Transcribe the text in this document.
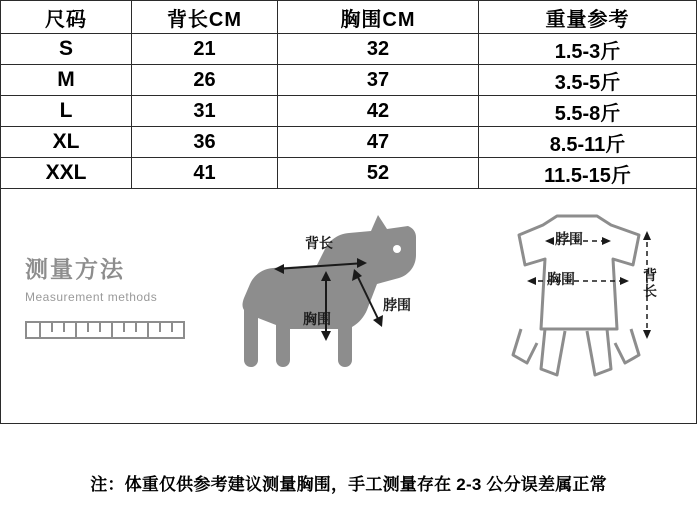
尺码	背长CM	胸围CM	重量参考
S	21	32	1.5-3斤
M	26	37	3.5-5斤
L	31	42	5.5-8斤
XL	36	47	8.5-11斤
XXL	41	52	11.5-15斤
测量方法
Measurement methods
背长
脖围
胸围
脖围
胸围	背长
注：体重仅供参考建议测量胸围，手工测量存在 2-3 公分误差属正常
